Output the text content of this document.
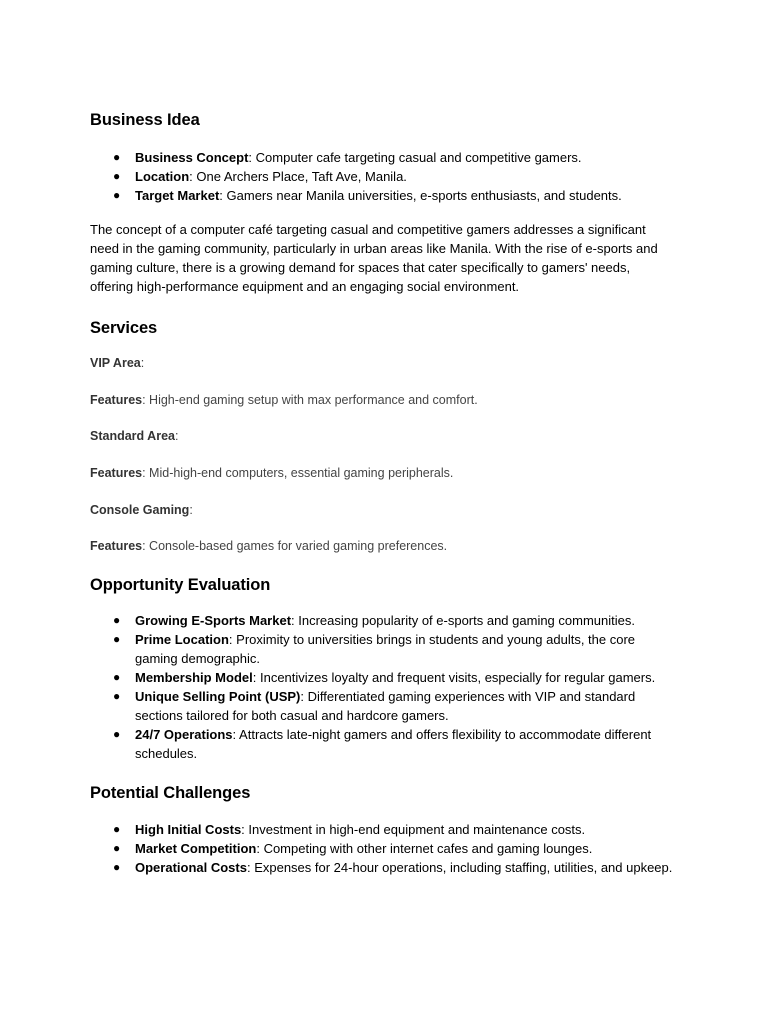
Business Idea
● Business Concept: Computer cafe targeting casual and competitive gamers.
● Location: One Archers Place, Taft Ave, Manila.
● Target Market: Gamers near Manila universities, e-sports enthusiasts, and students.

The concept of a computer café targeting casual and competitive gamers addresses a significant need in the gaming community, particularly in urban areas like Manila. With the rise of e-sports and gaming culture, there is a growing demand for spaces that cater specifically to gamers' needs, offering high-performance equipment and an engaging social environment.

Services

VIP Area:

Features: High-end gaming setup with max performance and comfort.

Standard Area:

Features: Mid-high-end computers, essential gaming peripherals.

Console Gaming:

Features: Console-based games for varied gaming preferences.

Opportunity Evaluation
● Growing E-Sports Market: Increasing popularity of e-sports and gaming communities.
● Prime Location: Proximity to universities brings in students and young adults, the core gaming demographic.
● Membership Model: Incentivizes loyalty and frequent visits, especially for regular gamers.
● Unique Selling Point (USP): Differentiated gaming experiences with VIP and standard sections tailored for both casual and hardcore gamers.
● 24/7 Operations: Attracts late-night gamers and offers flexibility to accommodate different schedules.
Potential Challenges
● High Initial Costs: Investment in high-end equipment and maintenance costs.
● Market Competition: Competing with other internet cafes and gaming lounges.
● Operational Costs: Expenses for 24-hour operations, including staffing, utilities, and upkeep.
